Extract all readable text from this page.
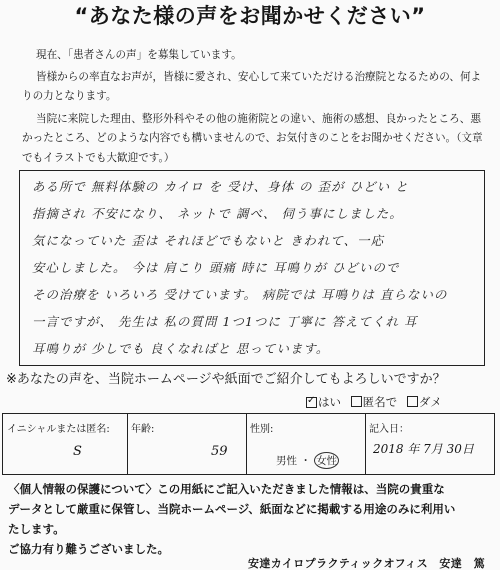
“あなた様の声をお聞かせください”
現在、「患者さんの声」を募集しています。
皆様からの率直なお声が，皆様に愛され、安心して来ていただける治療院となるための、何よ
りの力となります。
当院に来院した理由、整形外科やその他の施術院との違い、施術の感想、良かったところ、悪
かったところ、どのような内容でも構いませんので、お気付きのことをお聞かせください。（文章
でもイラストでも大歓迎です。）
ある所で 無料体験の カイロ を 受け、身体 の 歪が ひどい と
指摘され 不安になり、 ネットで 調べ、 伺う事にしました。
気になっていた 歪は それほどでもないと きわれて、一応
安心しました。 今は 肩こり 頭痛 時に 耳鳴りが ひどいので
その治療を いろいろ 受けています。 病院では 耳鳴りは 直らないの
一言ですが、 先生は 私の質問 1つ1つに 丁寧に 答えてくれ 耳
耳鳴りが 少しでも 良くなればと 思っています。
※あなたの声を、当院ホームページや紙面でご紹介してもよろしいですか？
✓はい 匿名で ダメ
イニシャルまたは匿名:
S
年齢:
59
性別:
男性 ・ 女性
記入日：
2018 年 7月 30日
〈個人情報の保護について〉この用紙にご記入いただきました情報は、当院の貴重な
データとして厳重に保管し、当院ホームページ、紙面などに掲載する用途のみに利用い
たします。
ご協力有り難うございました。
安達カイロプラクティックオフィス　安達　篤
